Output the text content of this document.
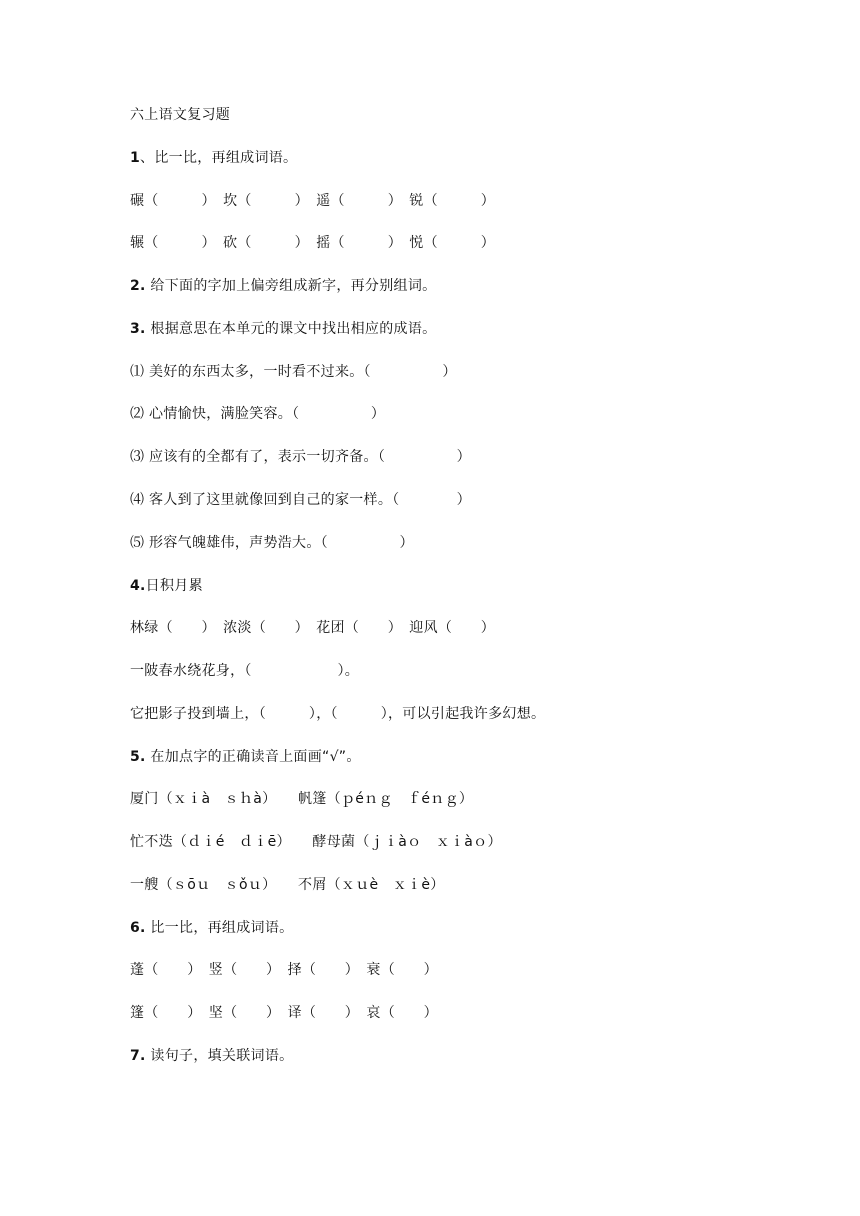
六上语文复习题
1、比一比，再组成词语。
碾（　　　）　坎（　　　）　遥（　　　）　锐（　　　）
辗（　　　）　砍（　　　）　摇（　　　）　悦（　　　）
2. 给下面的字加上偏旁组成新字，再分别组词。
3. 根据意思在本单元的课文中找出相应的成语。
⑴ 美好的东西太多，一时看不过来。（　　　　　）
⑵ 心情愉快，满脸笑容。（　　　　　）
⑶ 应该有的全都有了，表示一切齐备。（　　　　　）
⑷ 客人到了这里就像回到自己的家一样。（　　　　）
⑸ 形容气魄雄伟，声势浩大。（　　　　　）
4.日积月累
林绿（　　）　浓淡（　　）　花团（　　）　迎风（　　）
一陂春水绕花身，（　　　　　　）。
它把影子投到墙上，（　　　），（　　　），可以引起我许多幻想。
5. 在加点字的正确读音上面画“√”。
厦门（ｘｉà　ｓｈà）　　帆篷（ｐéｎｇ　ｆéｎｇ）
忙不迭（ｄｉé　ｄｉē）　　酵母菌（ｊｉàｏ　ｘｉàｏ）
一艘（ｓōｕ　ｓǒｕ）　　不屑（ｘｕè　ｘｉè）
6. 比一比，再组成词语。
蓬（　　）　竖（　　）　择（　　）　衰（　　）
篷（　　）　坚（　　）　译（　　）　哀（　　）
7. 读句子，填关联词语。
